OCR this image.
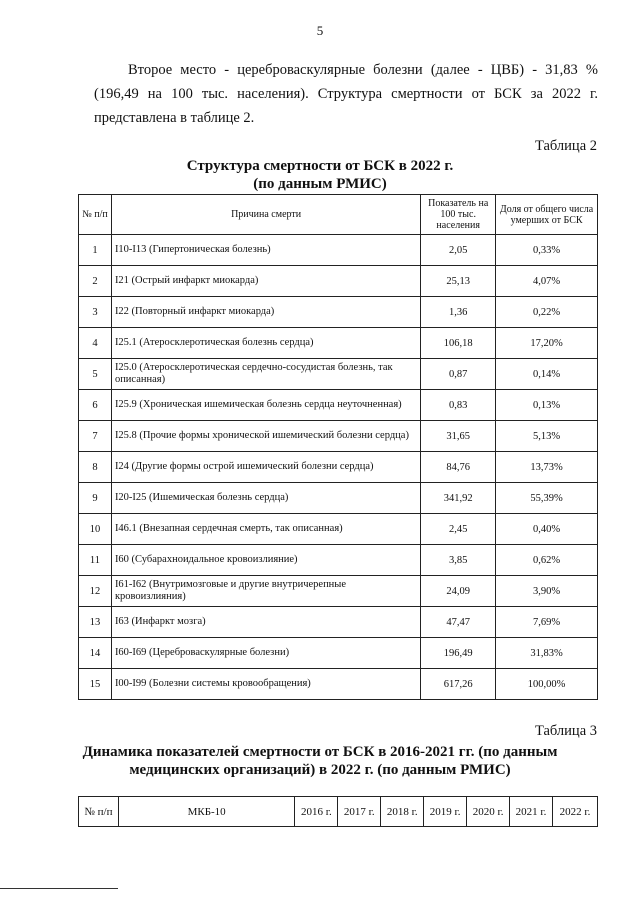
5
Второе место - цереброваскулярные болезни (далее - ЦВБ) - 31,83 %
(196,49 на 100 тыс. населения). Структура смертности от БСК за 2022 г.
представлена в таблице 2.
Таблица 2
Структура смертности от БСК в 2022 г.
(по данным РМИС)
№ п/п	Причина смерти	Показатель на 100 тыс. населения	Доля от общего числа умерших от БСК
1	I10-I13 (Гипертоническая болезнь)	2,05	0,33%
2	I21 (Острый инфаркт миокарда)	25,13	4,07%
3	I22 (Повторный инфаркт миокарда)	1,36	0,22%
4	I25.1 (Атеросклеротическая болезнь сердца)	106,18	17,20%
5	I25.0 (Атеросклеротическая сердечно-сосудистая болезнь, так описанная)	0,87	0,14%
6	I25.9 (Хроническая ишемическая болезнь сердца неуточненная)	0,83	0,13%
7	I25.8 (Прочие формы хронической ишемический болезни сердца)	31,65	5,13%
8	I24 (Другие формы острой ишемический болезни сердца)	84,76	13,73%
9	I20-I25 (Ишемическая болезнь сердца)	341,92	55,39%
10	I46.1 (Внезапная сердечная смерть, так описанная)	2,45	0,40%
11	I60 (Субарахноидальное кровоизлияние)	3,85	0,62%
12	I61-I62 (Внутримозговые и другие внутричерепные кровоизлияния)	24,09	3,90%
13	I63 (Инфаркт мозга)	47,47	7,69%
14	I60-I69 (Цереброваскулярные болезни)	196,49	31,83%
15	I00-I99 (Болезни системы кровообращения)	617,26	100,00%
Таблица 3
Динамика показателей смертности от БСК в 2016-2021 гг. (по данным
медицинских организаций) в 2022 г. (по данным РМИС)
№ п/п	МКБ-10	2016 г.	2017 г.	2018 г.	2019 г.	2020 г.	2021 г.	2022 г.
